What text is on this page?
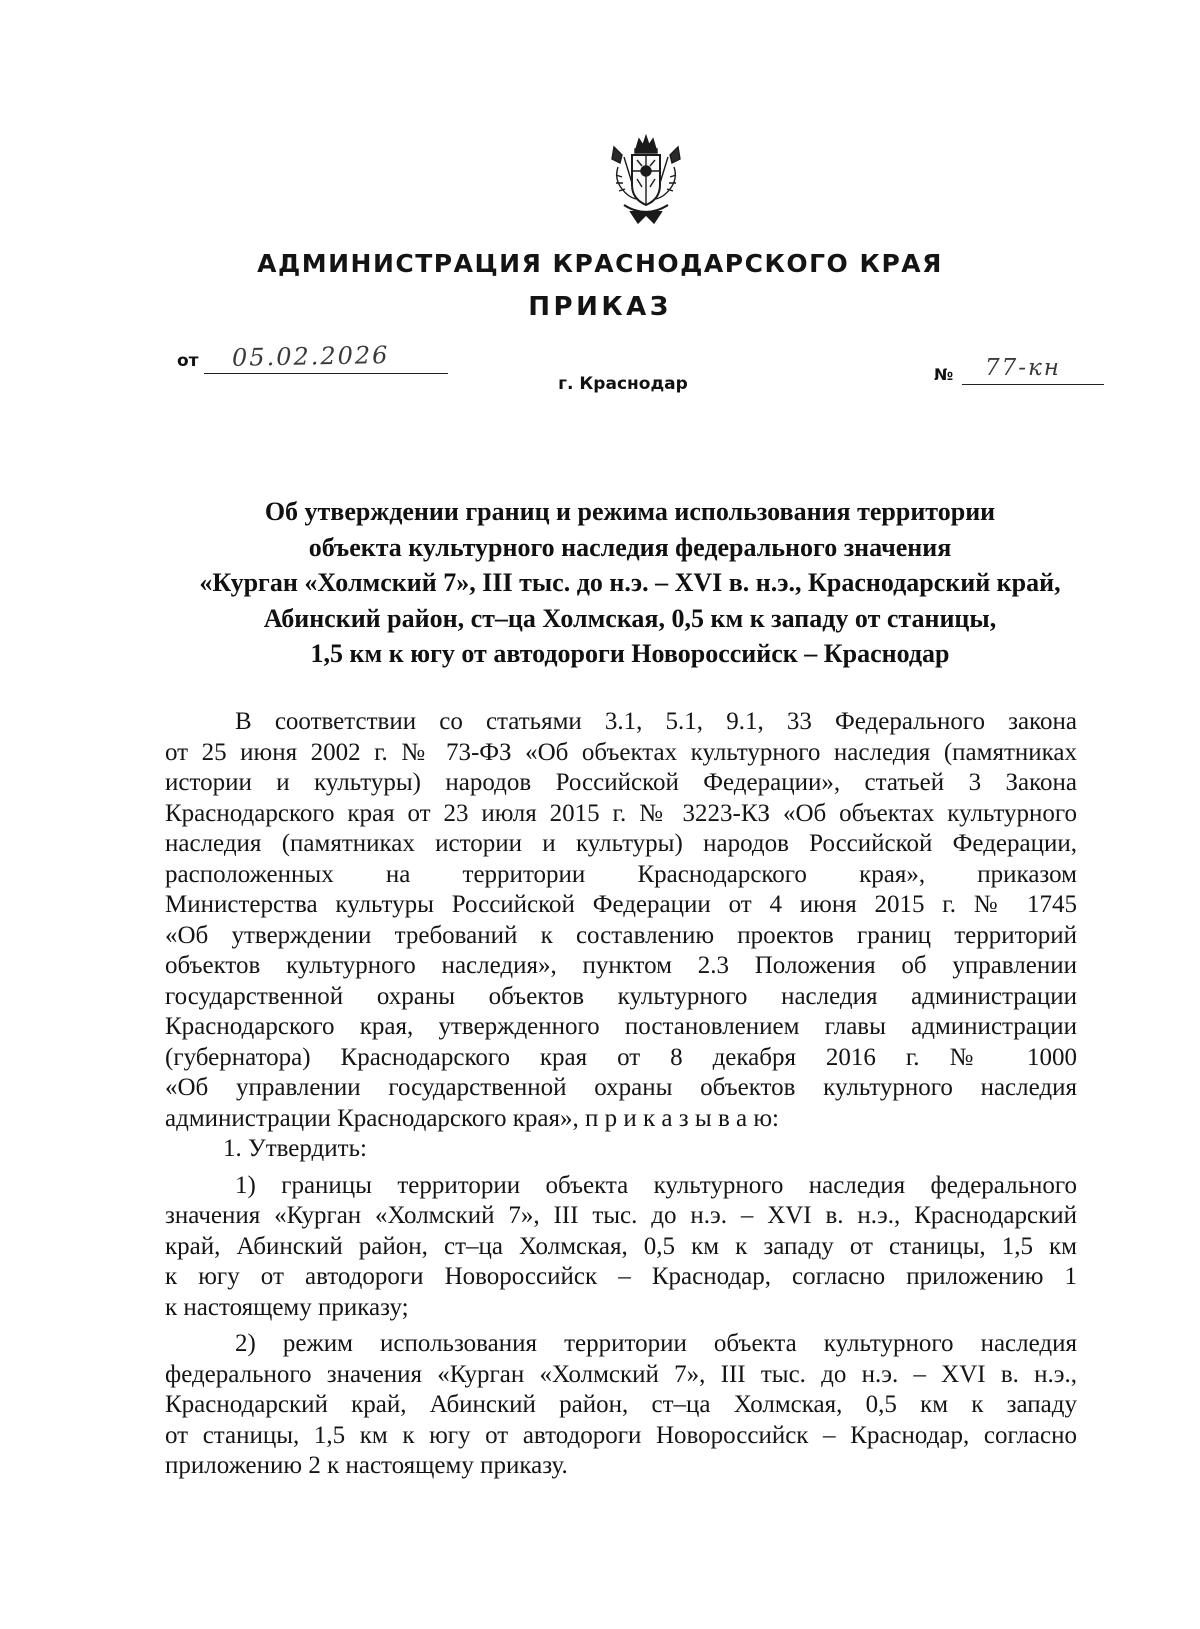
АДМИНИСТРАЦИЯ КРАСНОДАРСКОГО КРАЯ
ПРИКАЗ
от 05.02.2026
г. Краснодар	№ 77-кн
Об утверждении границ и режима использования территории
объекта культурного наследия федерального значения
«Курган «Холмский 7», III тыс. до н.э. – XVI в. н.э., Краснодарский край,
Абинский район, ст–ца Холмская, 0,5 км к западу от станицы,
1,5 км к югу от автодороги Новороссийск – Краснодар
В соответствии со статьями 3.1, 5.1, 9.1, 33 Федерального закона
от 25 июня 2002 г. № 73-ФЗ «Об объектах культурного наследия (памятниках
истории и культуры) народов Российской Федерации», статьей 3 Закона
Краснодарского края от 23 июля 2015 г. № 3223-КЗ «Об объектах культурного
наследия (памятниках истории и культуры) народов Российской Федерации,
расположенных на территории Краснодарского края», приказом
Министерства культуры Российской Федерации от 4 июня 2015 г. № 1745
«Об утверждении требований к составлению проектов границ территорий
объектов культурного наследия», пунктом 2.3 Положения об управлении
государственной охраны объектов культурного наследия администрации
Краснодарского края, утвержденного постановлением главы администрации
(губернатора) Краснодарского края от 8 декабря 2016 г. № 1000
«Об управлении государственной охраны объектов культурного наследия
администрации Краснодарского края», п р и к а з ы в а ю:
1. Утвердить:
1) границы территории объекта культурного наследия федерального
значения «Курган «Холмский 7», III тыс. до н.э. – XVI в. н.э., Краснодарский
край, Абинский район, ст–ца Холмская, 0,5 км к западу от станицы, 1,5 км
к югу от автодороги Новороссийск – Краснодар, согласно приложению 1
к настоящему приказу;
2) режим использования территории объекта культурного наследия
федерального значения «Курган «Холмский 7», III тыс. до н.э. – XVI в. н.э.,
Краснодарский край, Абинский район, ст–ца Холмская, 0,5 км к западу
от станицы, 1,5 км к югу от автодороги Новороссийск – Краснодар, согласно
приложению 2 к настоящему приказу.
